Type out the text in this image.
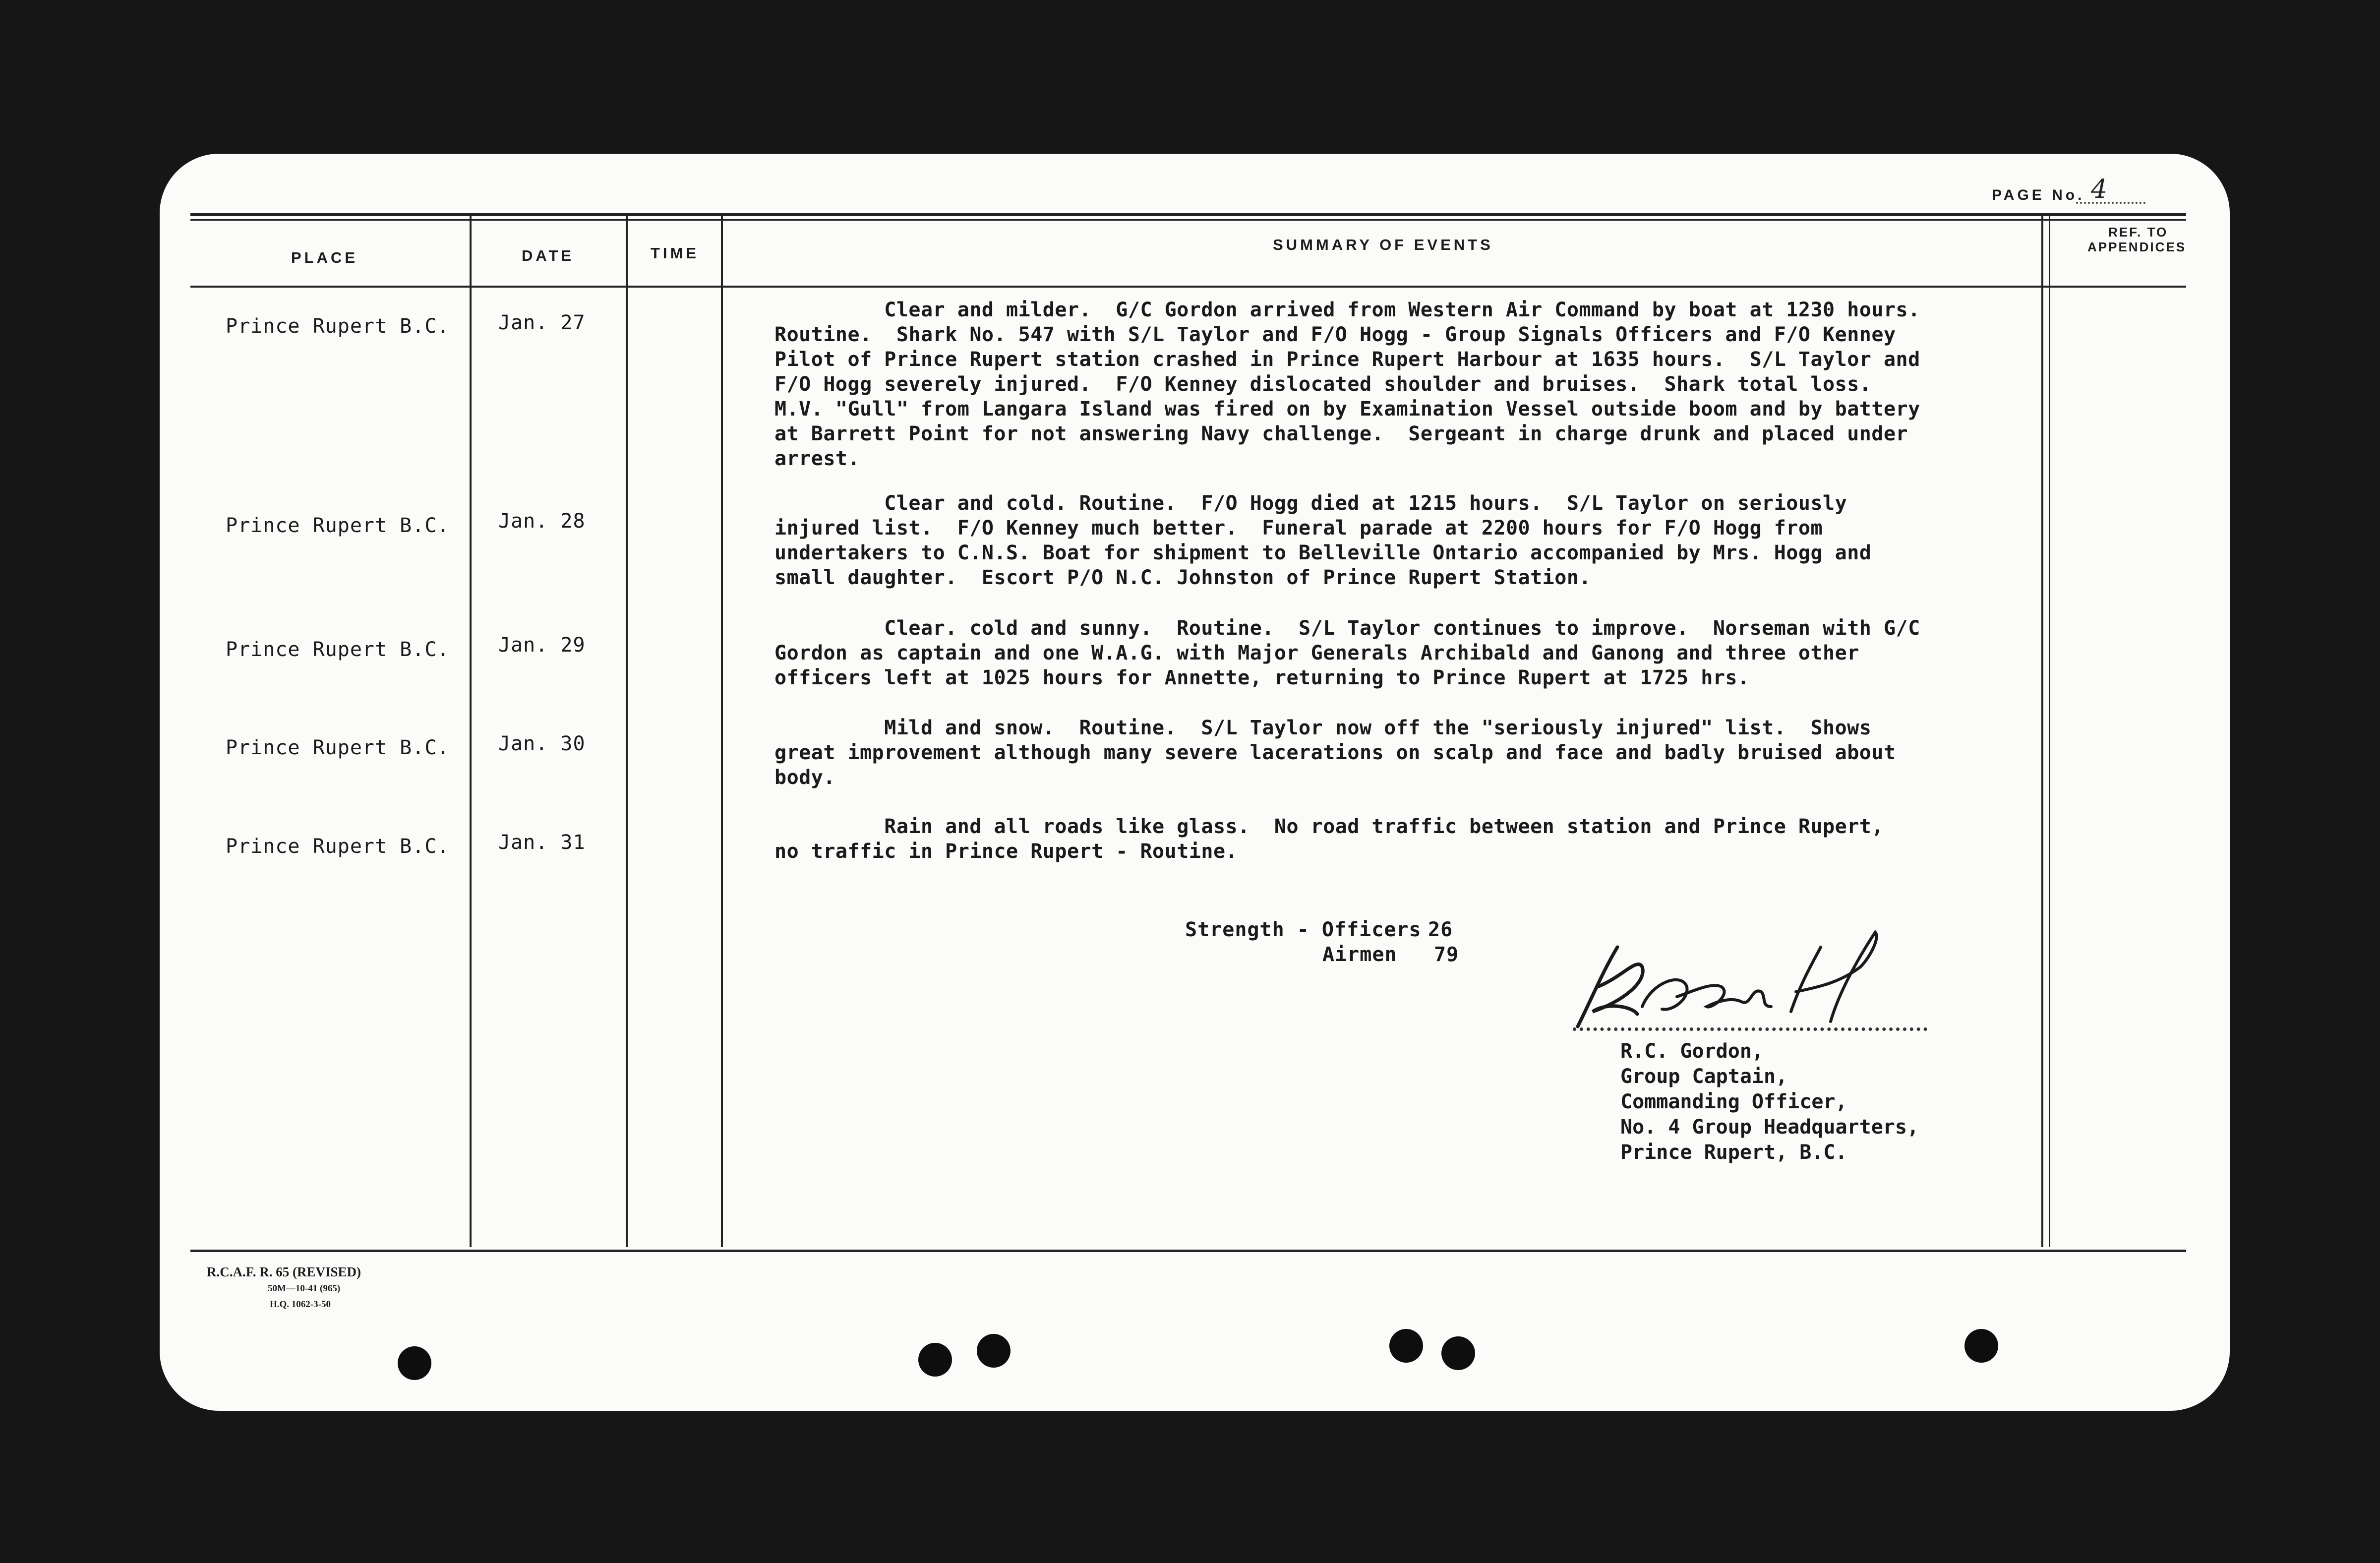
PAGE No. 4
PLACE	DATE	TIME	SUMMARY OF EVENTS
REF. TO
APPENDICES
Prince Rupert B.C. Jan. 27
Clear and milder.  G/C Gordon arrived from Western Air Command by boat at 1230 hours.
Routine.  Shark No. 547 with S/L Taylor and F/O Hogg - Group Signals Officers and F/O Kenney
Pilot of Prince Rupert station crashed in Prince Rupert Harbour at 1635 hours.  S/L Taylor and
F/O Hogg severely injured.  F/O Kenney dislocated shoulder and bruises.  Shark total loss.
M.V. "Gull" from Langara Island was fired on by Examination Vessel outside boom and by battery
at Barrett Point for not answering Navy challenge.  Sergeant in charge drunk and placed under
arrest.
Prince Rupert B.C. Jan. 28
Clear and cold. Routine.  F/O Hogg died at 1215 hours.  S/L Taylor on seriously
injured list.  F/O Kenney much better.  Funeral parade at 2200 hours for F/O Hogg from
undertakers to C.N.S. Boat for shipment to Belleville Ontario accompanied by Mrs. Hogg and
small daughter.  Escort P/O N.C. Johnston of Prince Rupert Station.
Prince Rupert B.C. Jan. 29
Clear. cold and sunny.  Routine.  S/L Taylor continues to improve.  Norseman with G/C
Gordon as captain and one W.A.G. with Major Generals Archibald and Ganong and three other
officers left at 1025 hours for Annette, returning to Prince Rupert at 1725 hrs.
Prince Rupert B.C. Jan. 30
Mild and snow.  Routine.  S/L Taylor now off the "seriously injured" list.  Shows
great improvement although many severe lacerations on scalp and face and badly bruised about
body.
Prince Rupert B.C. Jan. 31
Rain and all roads like glass.  No road traffic between station and Prince Rupert,
no traffic in Prince Rupert - Routine.
Strength - Officers 26
Airmen 79
R.C. Gordon,
Group Captain,
Commanding Officer,
No. 4 Group Headquarters,
Prince Rupert, B.C.
R.C.A.F. R. 65 (REVISED)
50M—10-41 (965)
H.Q. 1062-3-50
